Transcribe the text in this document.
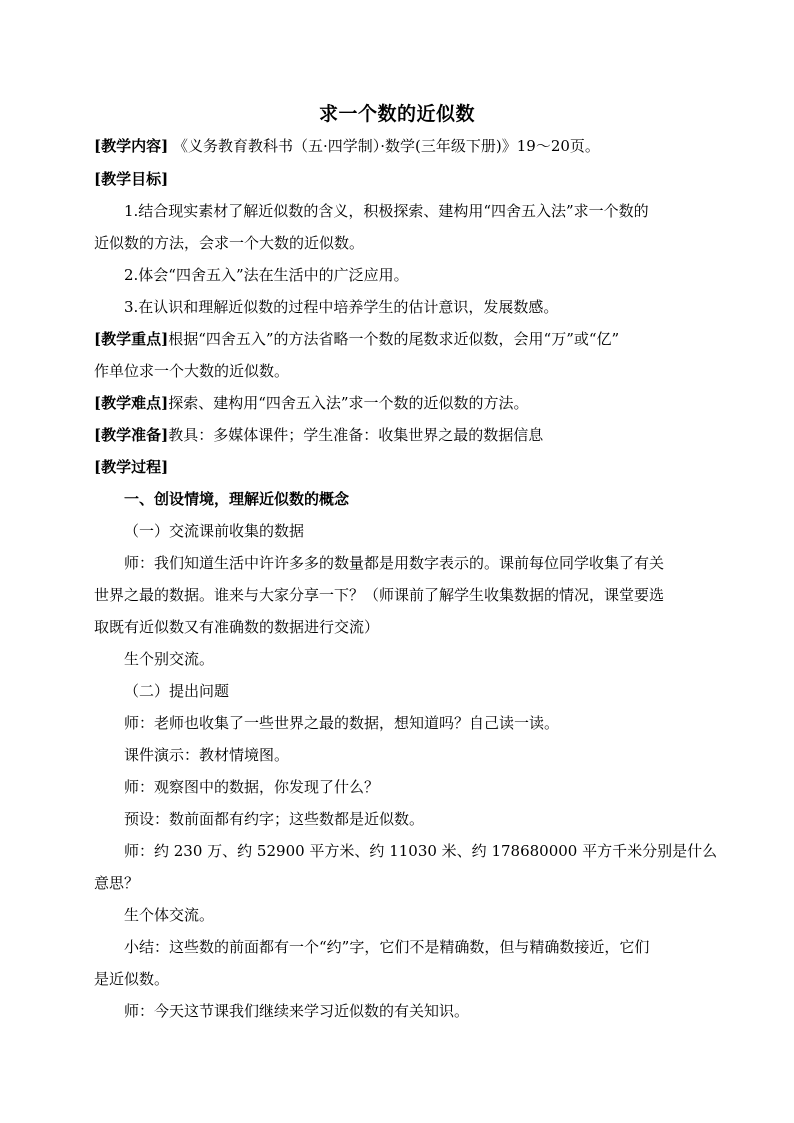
求一个数的近似数
[教学内容] 《义务教育教科书（五·四学制）·数学(三年级下册)》19～20页。
[教学目标]
1.结合现实素材了解近似数的含义，积极探索、建构用“四舍五入法”求一个数的
近似数的方法，会求一个大数的近似数。
2.体会“四舍五入”法在生活中的广泛应用。
3.在认识和理解近似数的过程中培养学生的估计意识，发展数感。
[教学重点]根据“四舍五入”的方法省略一个数的尾数求近似数，会用“万”或“亿”
作单位求一个大数的近似数。
[教学难点]探索、建构用“四舍五入法”求一个数的近似数的方法。
[教学准备]教具：多媒体课件；学生准备：收集世界之最的数据信息
[教学过程]
一、创设情境，理解近似数的概念
（一）交流课前收集的数据
师：我们知道生活中许许多多的数量都是用数字表示的。课前每位同学收集了有关
世界之最的数据。谁来与大家分享一下？（师课前了解学生收集数据的情况，课堂要选
取既有近似数又有准确数的数据进行交流）
生个别交流。
（二）提出问题
师：老师也收集了一些世界之最的数据，想知道吗？自己读一读。
课件演示：教材情境图。
师：观察图中的数据，你发现了什么？
预设：数前面都有约字；这些数都是近似数。
师：约 230 万、约 52900 平方米、约 11030 米、约 178680000 平方千米分别是什么
意思？
生个体交流。
小结：这些数的前面都有一个“约”字，它们不是精确数，但与精确数接近，它们
是近似数。
师：今天这节课我们继续来学习近似数的有关知识。
